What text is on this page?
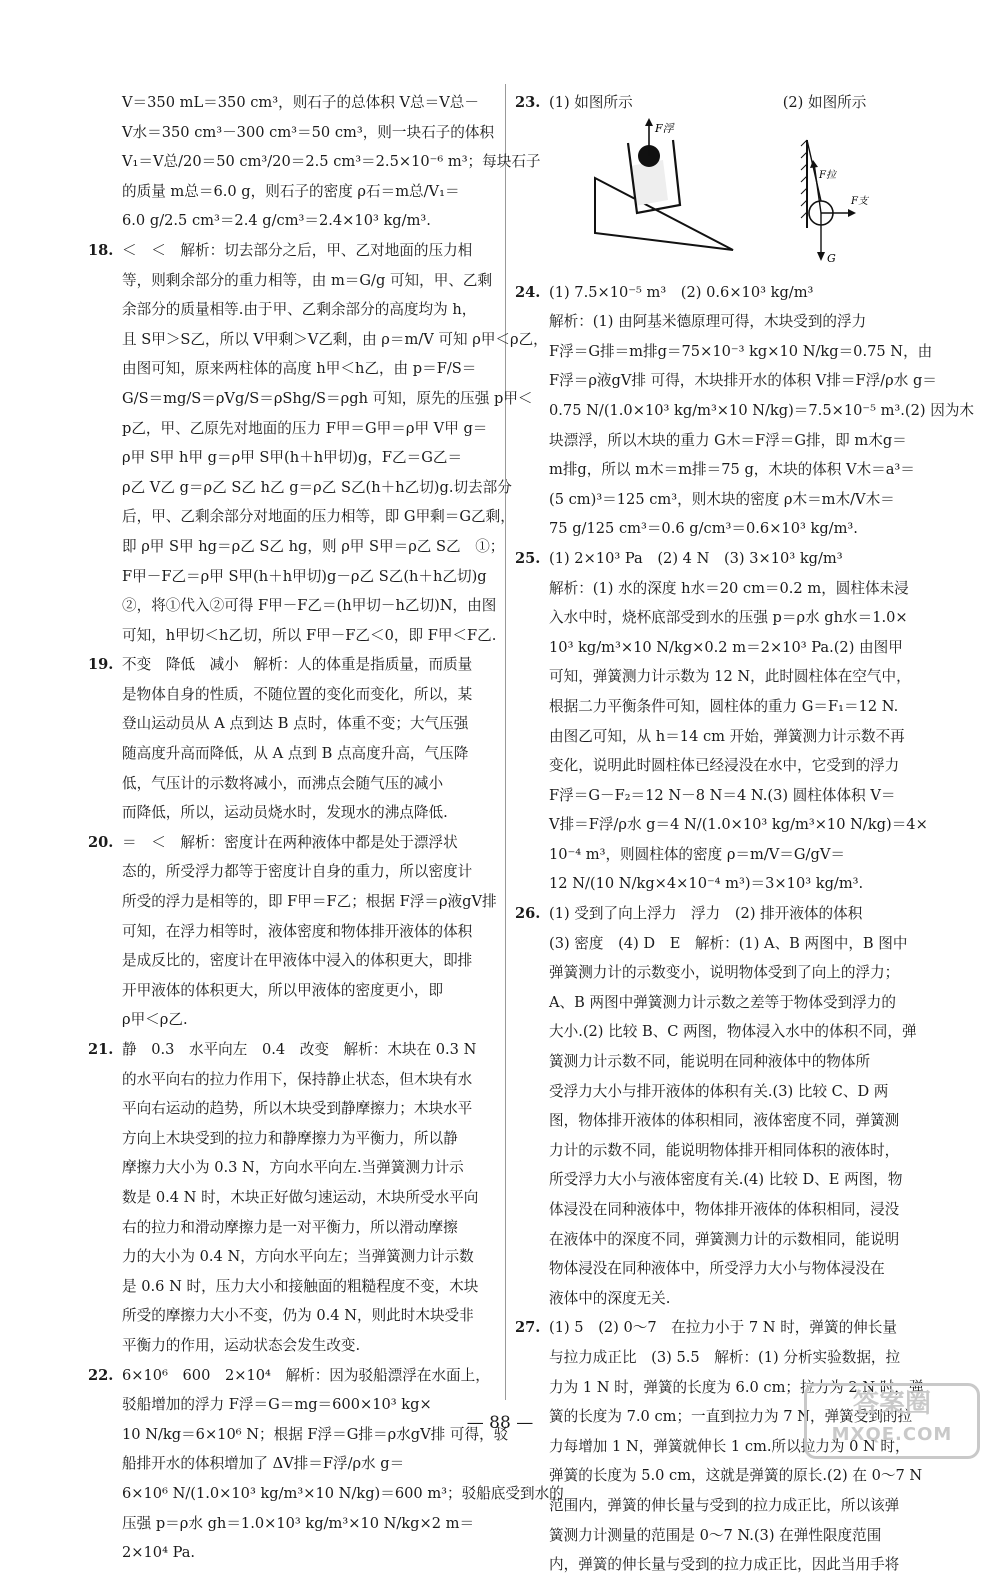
V＝350 mL＝350 cm³，则石子的总体积 V总＝V总－
V水＝350 cm³－300 cm³＝50 cm³，则一块石子的体积
V₁＝V总/20＝50 cm³/20＝2.5 cm³＝2.5×10⁻⁶ m³；每块石子
的质量 m总＝6.0 g，则石子的密度 ρ石＝m总/V₁＝
6.0 g/2.5 cm³＝2.4 g/cm³＝2.4×10³ kg/m³.
18. ＜　＜　解析：切去部分之后，甲、乙对地面的压力相
等，则剩余部分的重力相等，由 m＝G/g 可知，甲、乙剩
余部分的质量相等.由于甲、乙剩余部分的高度均为 h，
且 S甲＞S乙，所以 V甲剩＞V乙剩，由 ρ＝m/V 可知 ρ甲＜ρ乙，
由图可知，原来两柱体的高度 h甲＜h乙，由 p＝F/S＝
G/S＝mg/S＝ρVg/S＝ρShg/S＝ρgh 可知，原先的压强 p甲＜
p乙，甲、乙原先对地面的压力 F甲＝G甲＝ρ甲 V甲 g＝
ρ甲 S甲 h甲 g＝ρ甲 S甲(h＋h甲切)g，F乙＝G乙＝
ρ乙 V乙 g＝ρ乙 S乙 h乙 g＝ρ乙 S乙(h＋h乙切)g.切去部分
后，甲、乙剩余部分对地面的压力相等，即 G甲剩＝G乙剩，
即 ρ甲 S甲 hg＝ρ乙 S乙 hg，则 ρ甲 S甲＝ρ乙 S乙　①；
F甲－F乙＝ρ甲 S甲(h＋h甲切)g－ρ乙 S乙(h＋h乙切)g
②，将①代入②可得 F甲－F乙＝(h甲切－h乙切)N，由图
可知，h甲切＜h乙切，所以 F甲－F乙＜0，即 F甲＜F乙.
19. 不变　降低　减小　解析：人的体重是指质量，而质量
是物体自身的性质，不随位置的变化而变化，所以，某
登山运动员从 A 点到达 B 点时，体重不变；大气压强
随高度升高而降低，从 A 点到 B 点高度升高，气压降
低，气压计的示数将减小，而沸点会随气压的减小
而降低，所以，运动员烧水时，发现水的沸点降低.
20. ＝　＜　解析：密度计在两种液体中都是处于漂浮状
态的，所受浮力都等于密度计自身的重力，所以密度计
所受的浮力是相等的，即 F甲＝F乙；根据 F浮＝ρ液gV排
可知，在浮力相等时，液体密度和物体排开液体的体积
是成反比的，密度计在甲液体中浸入的体积更大，即排
开甲液体的体积更大，所以甲液体的密度更小，即
ρ甲＜ρ乙.
21. 静　0.3　水平向左　0.4　改变　解析：木块在 0.3 N
的水平向右的拉力作用下，保持静止状态，但木块有水
平向右运动的趋势，所以木块受到静摩擦力；木块水平
方向上木块受到的拉力和静摩擦力为平衡力，所以静
摩擦力大小为 0.3 N，方向水平向左.当弹簧测力计示
数是 0.4 N 时，木块正好做匀速运动，木块所受水平向
右的拉力和滑动摩擦力是一对平衡力，所以滑动摩擦
力的大小为 0.4 N，方向水平向左；当弹簧测力计示数
是 0.6 N 时，压力大小和接触面的粗糙程度不变，木块
所受的摩擦力大小不变，仍为 0.4 N，则此时木块受非
平衡力的作用，运动状态会发生改变.
22. 6×10⁶　600　2×10⁴　解析：因为驳船漂浮在水面上，
驳船增加的浮力 F浮＝G＝mg＝600×10³ kg×
10 N/kg＝6×10⁶ N；根据 F浮＝G排＝ρ水gV排 可得，驳
船排开水的体积增加了 ΔV排＝F浮/ρ水 g＝
6×10⁶ N/(1.0×10³ kg/m³×10 N/kg)＝600 m³；驳船底受到水的
压强 p＝ρ水 gh＝1.0×10³ kg/m³×10 N/kg×2 m＝
2×10⁴ Pa.
23. (1) 如图所示	(2) 如图所示
F浮
F拉
F支
G
24. (1) 7.5×10⁻⁵ m³　(2) 0.6×10³ kg/m³
解析：(1) 由阿基米德原理可得，木块受到的浮力
F浮＝G排＝m排g＝75×10⁻³ kg×10 N/kg＝0.75 N，由
F浮＝ρ液gV排 可得，木块排开水的体积 V排＝F浮/ρ水 g＝
0.75 N/(1.0×10³ kg/m³×10 N/kg)＝7.5×10⁻⁵ m³.(2) 因为木
块漂浮，所以木块的重力 G木＝F浮＝G排，即 m木g＝
m排g，所以 m木＝m排＝75 g，木块的体积 V木＝a³＝
(5 cm)³＝125 cm³，则木块的密度 ρ木＝m木/V木＝
75 g/125 cm³＝0.6 g/cm³＝0.6×10³ kg/m³.
25. (1) 2×10³ Pa　(2) 4 N　(3) 3×10³ kg/m³
解析：(1) 水的深度 h水＝20 cm＝0.2 m，圆柱体未浸
入水中时，烧杯底部受到水的压强 p＝ρ水 gh水＝1.0×
10³ kg/m³×10 N/kg×0.2 m＝2×10³ Pa.(2) 由图甲
可知，弹簧测力计示数为 12 N，此时圆柱体在空气中，
根据二力平衡条件可知，圆柱体的重力 G＝F₁＝12 N.
由图乙可知，从 h＝14 cm 开始，弹簧测力计示数不再
变化，说明此时圆柱体已经浸没在水中，它受到的浮力
F浮＝G－F₂＝12 N－8 N＝4 N.(3) 圆柱体体积 V＝
V排＝F浮/ρ水 g＝4 N/(1.0×10³ kg/m³×10 N/kg)＝4×
10⁻⁴ m³，则圆柱体的密度 ρ＝m/V＝G/gV＝
12 N/(10 N/kg×4×10⁻⁴ m³)＝3×10³ kg/m³.
26. (1) 受到了向上浮力　浮力　(2) 排开液体的体积
(3) 密度　(4) D　E　解析：(1) A、B 两图中，B 图中
弹簧测力计的示数变小，说明物体受到了向上的浮力；
A、B 两图中弹簧测力计示数之差等于物体受到浮力的
大小.(2) 比较 B、C 两图，物体浸入水中的体积不同，弹
簧测力计示数不同，能说明在同种液体中的物体所
受浮力大小与排开液体的体积有关.(3) 比较 C、D 两
图，物体排开液体的体积相同，液体密度不同，弹簧测
力计的示数不同，能说明物体排开相同体积的液体时，
所受浮力大小与液体密度有关.(4) 比较 D、E 两图，物
体浸没在同种液体中，物体排开液体的体积相同，浸没
在液体中的深度不同，弹簧测力计的示数相同，能说明
物体浸没在同种液体中，所受浮力大小与物体浸没在
液体中的深度无关.
27. (1) 5　(2) 0～7　在拉力小于 7 N 时，弹簧的伸长量
与拉力成正比　(3) 5.5　解析：(1) 分析实验数据，拉
力为 1 N 时，弹簧的长度为 6.0 cm；拉力为 2 N 时，弹
簧的长度为 7.0 cm；一直到拉力为 7 N，弹簧受到的拉
力每增加 1 N，弹簧就伸长 1 cm.所以拉力为 0 N 时，
弹簧的长度为 5.0 cm，这就是弹簧的原长.(2) 在 0～7 N
范围内，弹簧的伸长量与受到的拉力成正比，所以该弹
簧测力计测量的范围是 0～7 N.(3) 在弹性限度范围
内，弹簧的伸长量与受到的拉力成正比，因此当用手将
— 88 —
答案圈
MXQE.COM
